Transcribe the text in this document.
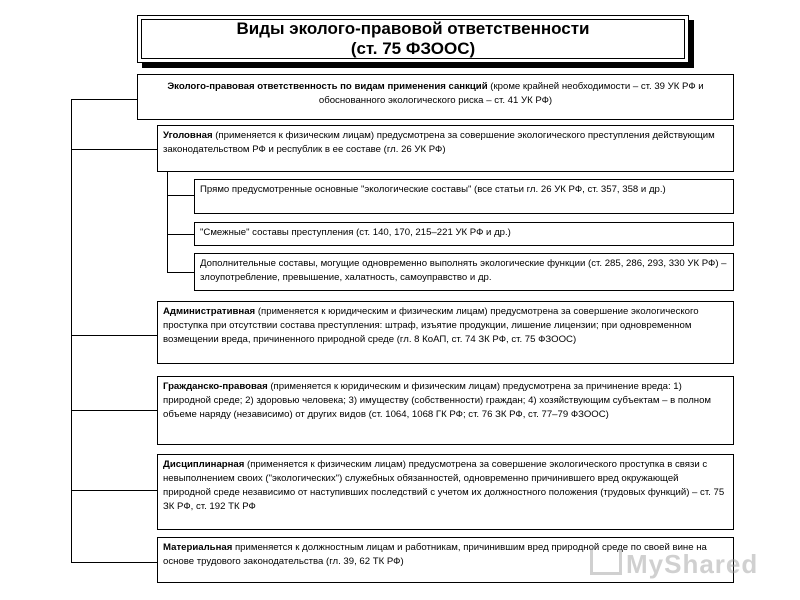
Виды эколого-правовой ответственности
(ст. 75 ФЗООС)
Эколого-правовая ответственность по видам применения санкций (кроме крайней необходимости – ст. 39 УК РФ и обоснованного экологического риска – ст. 41 УК РФ)
Уголовная (применяется к физическим лицам) предусмотрена за совершение экологического преступления действующим законодательством РФ и республик в ее составе (гл. 26 УК РФ)
Прямо предусмотренные основные "экологические составы" (все статьи гл. 26 УК РФ, ст. 357, 358 и др.)
"Смежные" составы преступления (ст. 140, 170, 215–221 УК РФ и др.)
Дополнительные составы, могущие одновременно выполнять экологические функции (ст. 285, 286, 293, 330 УК РФ) – злоупотребление, превышение, халатность, самоуправство и др.
Административная (применяется к юридическим и физическим лицам) предусмотрена за совершение экологического проступка при отсутствии состава преступления: штраф, изъятие продукции, лишение лицензии; при одновременном возмещении вреда, причиненного природной среде (гл. 8 КоАП, ст. 74 ЗК РФ, ст. 75 ФЗООС)
Гражданско-правовая (применяется к юридическим и физическим лицам) предусмотрена за причинение вреда: 1) природной среде; 2) здоровью человека; 3) имуществу (собственности) граждан; 4) хозяйствующим субъектам – в полном объеме наряду (независимо) от других видов (ст. 1064, 1068 ГК РФ; ст. 76 ЗК РФ, ст. 77–79 ФЗООС)
Дисциплинарная (применяется к физическим лицам) предусмотрена за совершение экологического проступка в связи с невыполнением своих ("экологических") служебных обязанностей, одновременно причинившего вред окружающей природной среде независимо от наступивших последствий с учетом их должностного положения (трудовых функций) – ст. 75 ЗК РФ, ст. 192 ТК РФ
Материальная применяется к должностным лицам и работникам, причинившим вред природной среде по своей вине на основе трудового законодательства (гл. 39, 62 ТК РФ)	MyShared
